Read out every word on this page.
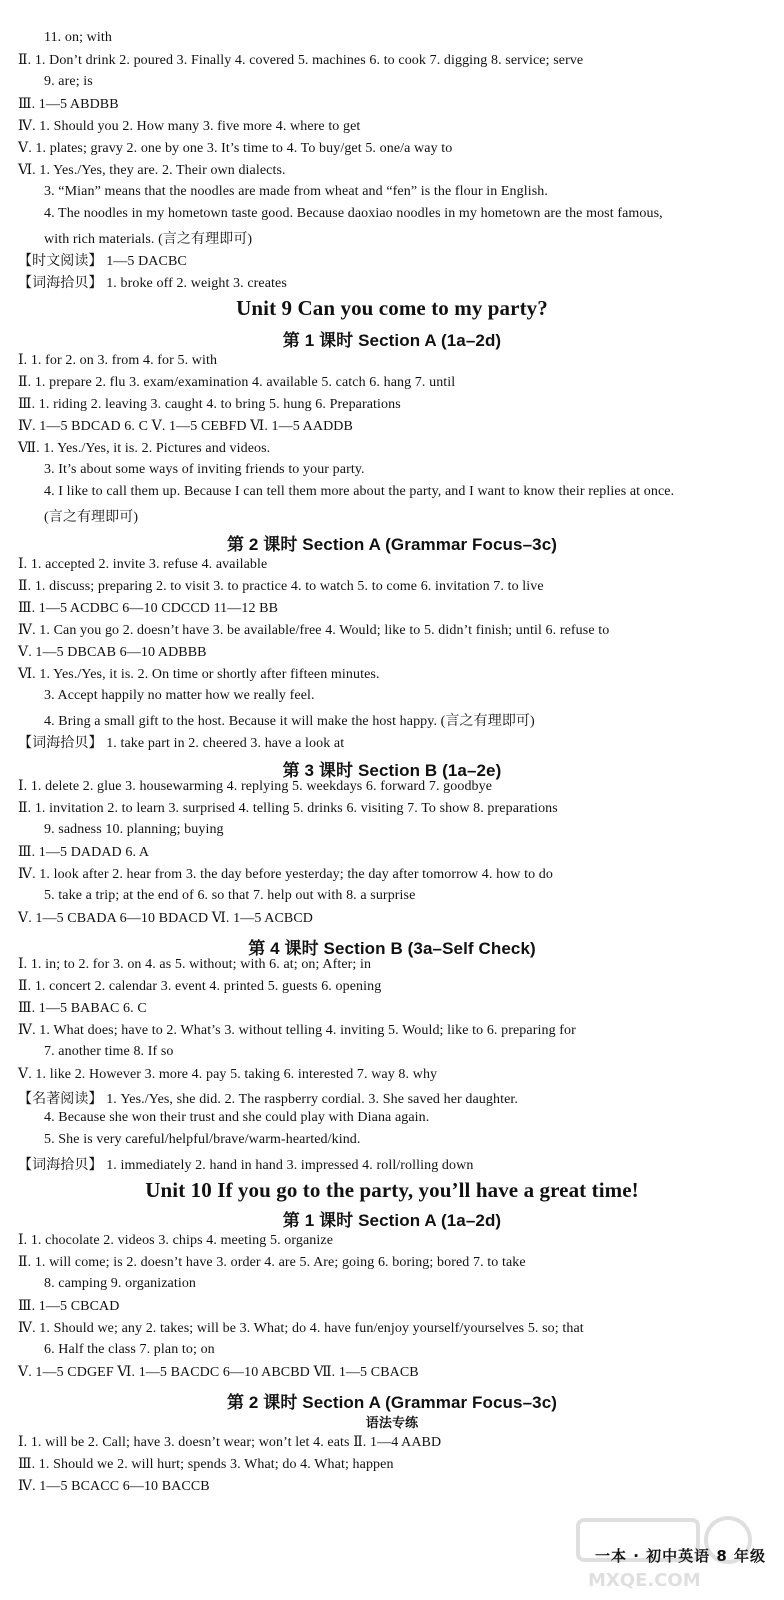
11. on; with
Ⅱ. 1. Don’t drink 2. poured 3. Finally 4. covered 5. machines 6. to cook 7. digging 8. service; serve
9. are; is
Ⅲ. 1—5 ABDBB
Ⅳ. 1. Should you 2. How many 3. five more 4. where to get
Ⅴ. 1. plates; gravy 2. one by one 3. It’s time to 4. To buy/get 5. one/a way to
Ⅵ. 1. Yes./Yes, they are. 2. Their own dialects.
3. “Mian” means that the noodles are made from wheat and “fen” is the flour in English.
4. The noodles in my hometown taste good. Because daoxiao noodles in my hometown are the most famous,
with rich materials. (言之有理即可)
【时文阅读】 1—5 DACBC
【词海拾贝】 1. broke off 2. weight 3. creates
Unit 9 Can you come to my party?
第 1 课时 Section A (1a–2d)
Ⅰ. 1. for 2. on 3. from 4. for 5. with
Ⅱ. 1. prepare 2. flu 3. exam/examination 4. available 5. catch 6. hang 7. until
Ⅲ. 1. riding 2. leaving 3. caught 4. to bring 5. hung 6. Preparations
Ⅳ. 1—5 BDCAD 6. C Ⅴ. 1—5 CEBFD Ⅵ. 1—5 AADDB
Ⅶ. 1. Yes./Yes, it is. 2. Pictures and videos.
3. It’s about some ways of inviting friends to your party.
4. I like to call them up. Because I can tell them more about the party, and I want to know their replies at once.
(言之有理即可)
第 2 课时 Section A (Grammar Focus–3c)
Ⅰ. 1. accepted 2. invite 3. refuse 4. available
Ⅱ. 1. discuss; preparing 2. to visit 3. to practice 4. to watch 5. to come 6. invitation 7. to live
Ⅲ. 1—5 ACDBC 6—10 CDCCD 11—12 BB
Ⅳ. 1. Can you go 2. doesn’t have 3. be available/free 4. Would; like to 5. didn’t finish; until 6. refuse to
Ⅴ. 1—5 DBCAB 6—10 ADBBB
Ⅵ. 1. Yes./Yes, it is. 2. On time or shortly after fifteen minutes.
3. Accept happily no matter how we really feel.
4. Bring a small gift to the host. Because it will make the host happy. (言之有理即可)
【词海拾贝】 1. take part in 2. cheered 3. have a look at
第 3 课时 Section B (1a–2e)
Ⅰ. 1. delete 2. glue 3. housewarming 4. replying 5. weekdays 6. forward 7. goodbye
Ⅱ. 1. invitation 2. to learn 3. surprised 4. telling 5. drinks 6. visiting 7. To show 8. preparations
9. sadness 10. planning; buying
Ⅲ. 1—5 DADAD 6. A
Ⅳ. 1. look after 2. hear from 3. the day before yesterday; the day after tomorrow 4. how to do
5. take a trip; at the end of 6. so that 7. help out with 8. a surprise
Ⅴ. 1—5 CBADA 6—10 BDACD Ⅵ. 1—5 ACBCD
第 4 课时 Section B (3a–Self Check)
Ⅰ. 1. in; to 2. for 3. on 4. as 5. without; with 6. at; on; After; in
Ⅱ. 1. concert 2. calendar 3. event 4. printed 5. guests 6. opening
Ⅲ. 1—5 BABAC 6. C
Ⅳ. 1. What does; have to 2. What’s 3. without telling 4. inviting 5. Would; like to 6. preparing for
7. another time 8. If so
Ⅴ. 1. like 2. However 3. more 4. pay 5. taking 6. interested 7. way 8. why
【名著阅读】 1. Yes./Yes, she did. 2. The raspberry cordial. 3. She saved her daughter.
4. Because she won their trust and she could play with Diana again.
5. She is very careful/helpful/brave/warm-hearted/kind.
【词海拾贝】 1. immediately 2. hand in hand 3. impressed 4. roll/rolling down
Unit 10 If you go to the party, you’ll have a great time!
第 1 课时 Section A (1a–2d)
Ⅰ. 1. chocolate 2. videos 3. chips 4. meeting 5. organize
Ⅱ. 1. will come; is 2. doesn’t have 3. order 4. are 5. Are; going 6. boring; bored 7. to take
8. camping 9. organization
Ⅲ. 1—5 CBCAD
Ⅳ. 1. Should we; any 2. takes; will be 3. What; do 4. have fun/enjoy yourself/yourselves 5. so; that
6. Half the class 7. plan to; on
Ⅴ. 1—5 CDGEF Ⅵ. 1—5 BACDC 6—10 ABCBD Ⅶ. 1—5 CBACB
第 2 课时 Section A (Grammar Focus–3c)
语法专练
Ⅰ. 1. will be 2. Call; have 3. doesn’t wear; won’t let 4. eats Ⅱ. 1—4 AABD
Ⅲ. 1. Should we 2. will hurt; spends 3. What; do 4. What; happen
Ⅳ. 1—5 BCACC 6—10 BACCB
一本 · 初中英语 8 年级
MXQE.COM
